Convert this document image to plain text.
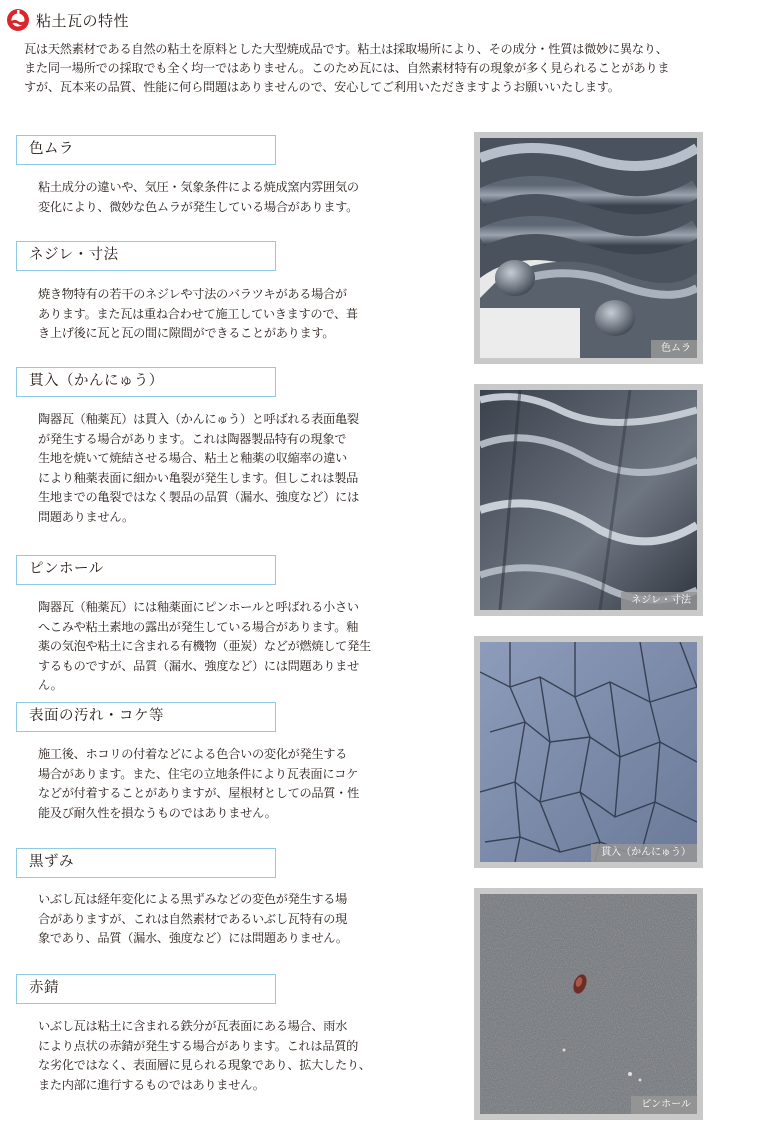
粘土瓦の特性
瓦は天然素材である自然の粘土を原料とした大型焼成品です。粘土は採取場所により、その成分・性質は微妙に異なり、
また同一場所での採取でも全く均一ではありません。このため瓦には、自然素材特有の現象が多く見られることがありま
すが、瓦本来の品質、性能に何ら問題はありませんので、安心してご利用いただきますようお願いいたします。
色ムラ
粘土成分の違いや、気圧・気象条件による焼成窯内雰囲気の
変化により、微妙な色ムラが発生している場合があります。
ネジレ・寸法
焼き物特有の若干のネジレや寸法のバラツキがある場合が
あります。また瓦は重ね合わせて施工していきますので、葺
き上げ後に瓦と瓦の間に隙間ができることがあります。
貫入（かんにゅう）
陶器瓦（釉薬瓦）は貫入（かんにゅう）と呼ばれる表面亀裂
が発生する場合があります。これは陶器製品特有の現象で
生地を焼いて焼結させる場合、粘土と釉薬の収縮率の違い
により釉薬表面に細かい亀裂が発生します。但しこれは製品
生地までの亀裂ではなく製品の品質（漏水、強度など）には
問題ありません。
ピンホール
陶器瓦（釉薬瓦）には釉薬面にピンホールと呼ばれる小さい
へこみや粘土素地の露出が発生している場合があります。釉
薬の気泡や粘土に含まれる有機物（亜炭）などが燃焼して発生
するものですが、品質（漏水、強度など）には問題ありません。
表面の汚れ・コケ等
施工後、ホコリの付着などによる色合いの変化が発生する
場合があります。また、住宅の立地条件により瓦表面にコケ
などが付着することがありますが、屋根材としての品質・性
能及び耐久性を損なうものではありません。
黒ずみ
いぶし瓦は経年変化による黒ずみなどの変色が発生する場
合がありますが、これは自然素材であるいぶし瓦特有の現
象であり、品質（漏水、強度など）には問題ありません。
赤錆
いぶし瓦は粘土に含まれる鉄分が瓦表面にある場合、雨水
により点状の赤錆が発生する場合があります。これは品質的
な劣化ではなく、表面層に見られる現象であり、拡大したり、
また内部に進行するものではありません。
色ムラ
ネジレ・寸法
貫入（かんにゅう）
ピンホール
